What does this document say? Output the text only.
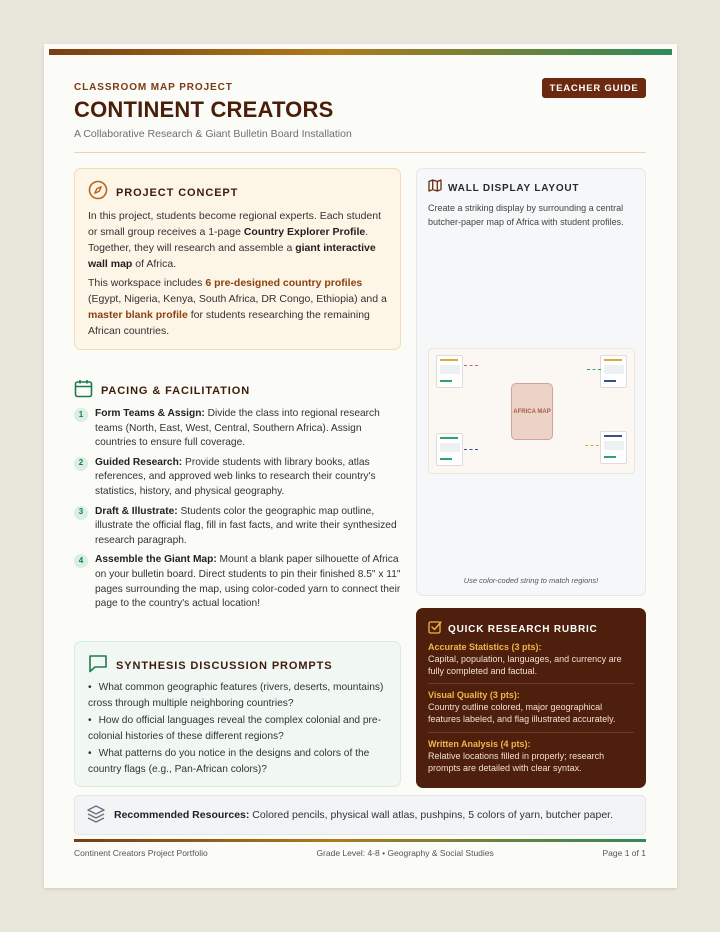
CLASSROOM MAP PROJECT
CONTINENT CREATORS
A Collaborative Research & Giant Bulletin Board Installation
TEACHER GUIDE
PROJECT CONCEPT

In this project, students become regional experts. Each student or small group receives a 1-page Country Explorer Profile. Together, they will research and assemble a giant interactive wall map of Africa.

This workspace includes 6 pre-designed country profiles (Egypt, Nigeria, Kenya, South Africa, DR Congo, Ethiopia) and a master blank profile for students researching the remaining African countries.

WALL DISPLAY LAYOUT
Create a striking display by surrounding a central butcher-paper map of Africa with student profiles.
AFRICA MAP
Use color-coded string to match regions!
PACING & FACILITATION
1	Form Teams & Assign: Divide the class into regional research teams (North, East, West, Central, Southern Africa). Assign countries to ensure full coverage.
2	Guided Research: Provide students with library books, atlas references, and approved web links to research their country's statistics, history, and physical geography.
3	Draft & Illustrate: Students color the geographic map outline, illustrate the official flag, fill in fast facts, and write their synthesized research paragraph.
4	Assemble the Giant Map: Mount a blank paper silhouette of Africa on your bulletin board. Direct students to pin their finished 8.5" x 11" pages surrounding the map, using color-coded yarn to connect their page to the country's actual location!
SYNTHESIS DISCUSSION PROMPTS
• What common geographic features (rivers, deserts, mountains) cross through multiple neighboring countries?
• How do official languages reveal the complex colonial and pre-colonial histories of these different regions?
• What patterns do you notice in the designs and colors of the country flags (e.g., Pan-African colors)?
QUICK RESEARCH RUBRIC
Accurate Statistics (3 pts):
Capital, population, languages, and currency are fully completed and factual.
Visual Quality (3 pts):
Country outline colored, major geographical features labeled, and flag illustrated accurately.
Written Analysis (4 pts):
Relative locations filled in properly; research prompts are detailed with clear syntax.
Recommended Resources: Colored pencils, physical wall atlas, pushpins, 5 colors of yarn, butcher paper.
Continent Creators Project Portfolio	Grade Level: 4-8 • Geography & Social Studies	Page 1 of 1
